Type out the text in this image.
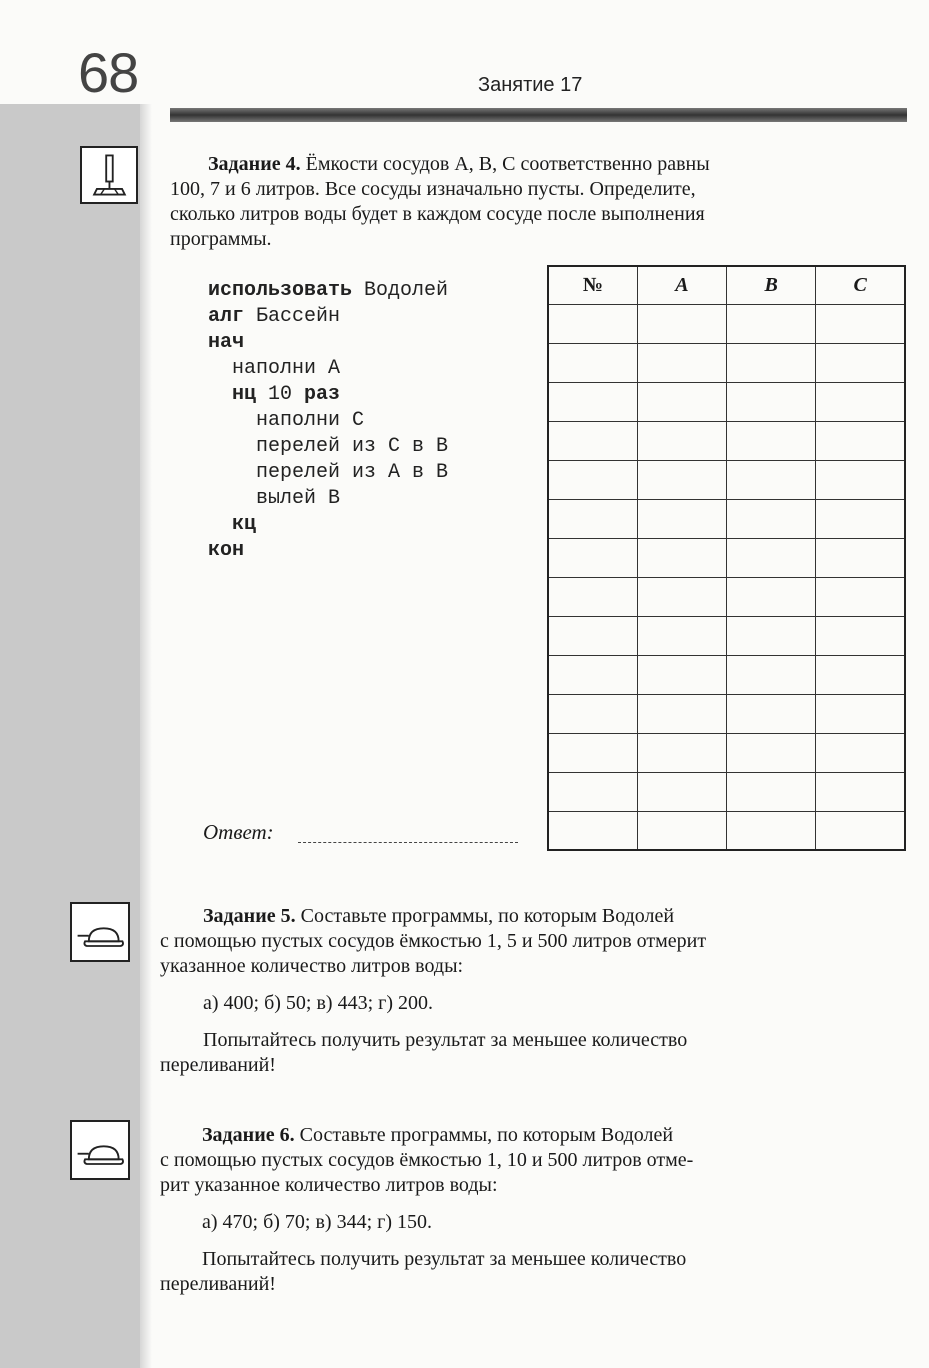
68	Занятие 17
Задание 4. Ёмкости сосудов A, B, C соответственно равны
100, 7 и 6 литров. Все сосуды изначально пусты. Определите,
сколько литров воды будет в каждом сосуде после выполнения
программы.
использовать Водолей
алг Бассейн
нач
наполни A
нц 10 раз
наполни C
перелей из C в B
перелей из A в B
вылей B
кц
кон
№	A	B	C

Ответ:
Задание 5. Составьте программы, по которым Водолей
с помощью пустых сосудов ёмкостью 1, 5 и 500 литров отмерит
указанное количество литров воды:
а) 400; б) 50; в) 443; г) 200.
Попытайтесь получить результат за меньшее количество
переливаний!
Задание 6. Составьте программы, по которым Водолей
с помощью пустых сосудов ёмкостью 1, 10 и 500 литров отме-
рит указанное количество литров воды:
а) 470; б) 70; в) 344; г) 150.
Попытайтесь получить результат за меньшее количество
переливаний!
